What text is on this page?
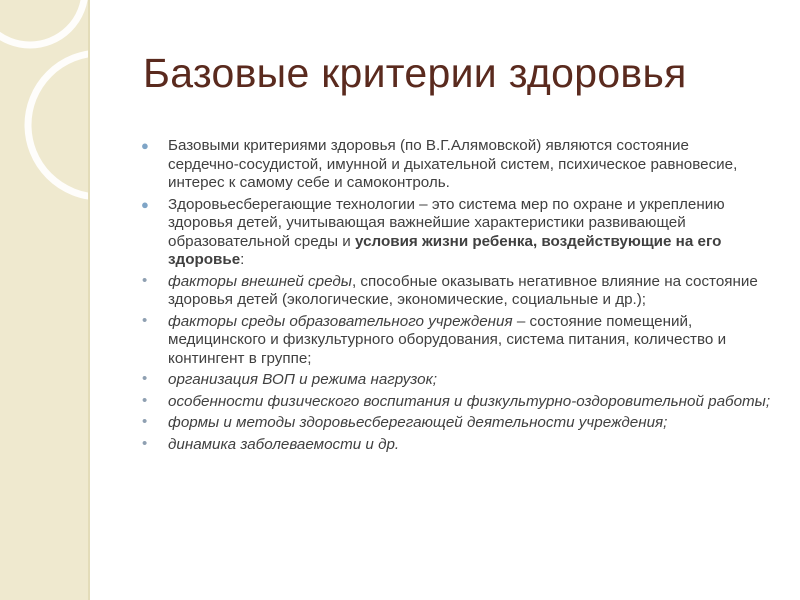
Базовые критерии здоровья
● Базовыми критериями здоровья (по В.Г.Алямовской) являются состояние сердечно‑сосудистой, имунной и дыхательной систем, психическое равновесие, интерес к самому себе и самоконтроль.
● Здоровьесберегающие технологии – это система мер по охране и укреплению здоровья детей, учитывающая важнейшие характеристики развивающей образовательной среды и условия жизни ребенка, воздействующие на его здоровье:
• факторы внешней среды, способные оказывать негативное влияние на состояние здоровья детей (экологические, экономические, социальные и др.);
• факторы среды образовательного учреждения – состояние помещений, медицинского и физкультурного оборудования, система питания, количество и контингент в группе;
• организация ВОП и режима нагрузок;
• особенности физического воспитания и физкультурно-оздоровительной работы;
• формы и методы здоровьесберегающей деятельности учреждения;
• динамика заболеваемости и др.
